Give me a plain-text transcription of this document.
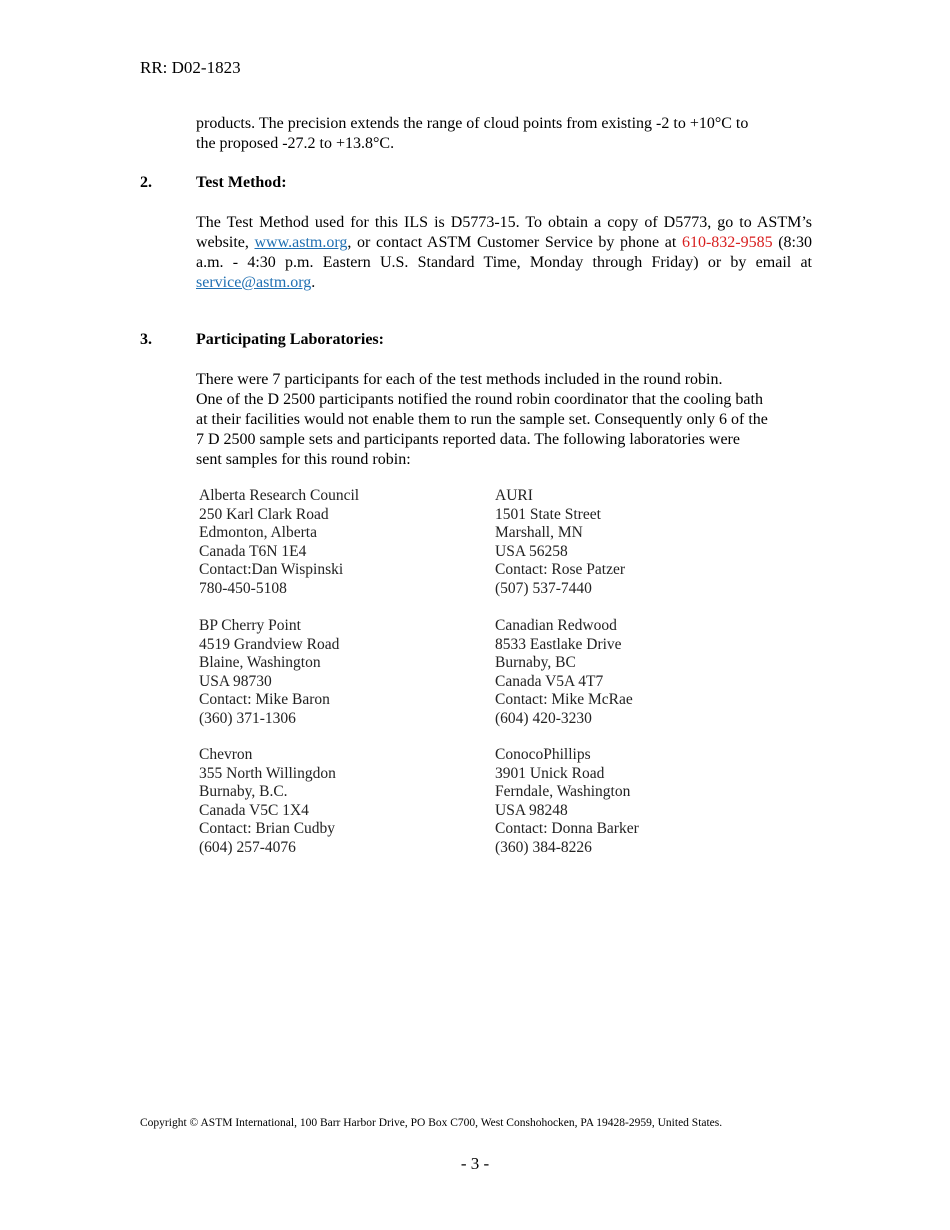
RR: D02-1823
products. The precision extends the range of cloud points from existing -2 to +10°C to
the proposed -27.2 to +13.8°C.
2.	Test Method:
The Test Method used for this ILS is D5773-15. To obtain a copy of D5773, go to ASTM’s website, www.astm.org, or contact ASTM Customer Service by phone at 610-832-9585 (8:30 a.m. - 4:30 p.m. Eastern U.S. Standard Time, Monday through Friday) or by email at service@astm.org.
3.	Participating Laboratories:
There were 7 participants for each of the test methods included in the round robin.
One of the D 2500 participants notified the round robin coordinator that the cooling bath
at their facilities would not enable them to run the sample set. Consequently only 6 of the
7 D 2500 sample sets and participants reported data. The following laboratories were
sent samples for this round robin:
Alberta Research Council
250 Karl Clark Road
Edmonton, Alberta
Canada T6N 1E4
Contact:Dan Wispinski
780-450-5108
AURI
1501 State Street
Marshall, MN
USA 56258
Contact: Rose Patzer
(507) 537-7440
BP Cherry Point
4519 Grandview Road
Blaine, Washington
USA 98730
Contact: Mike Baron
(360) 371-1306
Canadian Redwood
8533 Eastlake Drive
Burnaby, BC
Canada V5A 4T7
Contact: Mike McRae
(604) 420-3230
Chevron
355 North Willingdon
Burnaby, B.C.
Canada V5C 1X4
Contact: Brian Cudby
(604) 257-4076
ConocoPhillips
3901 Unick Road
Ferndale, Washington
USA 98248
Contact: Donna Barker
(360) 384-8226
Copyright © ASTM International, 100 Barr Harbor Drive, PO Box C700, West Conshohocken, PA 19428-2959, United States.
- 3 -
